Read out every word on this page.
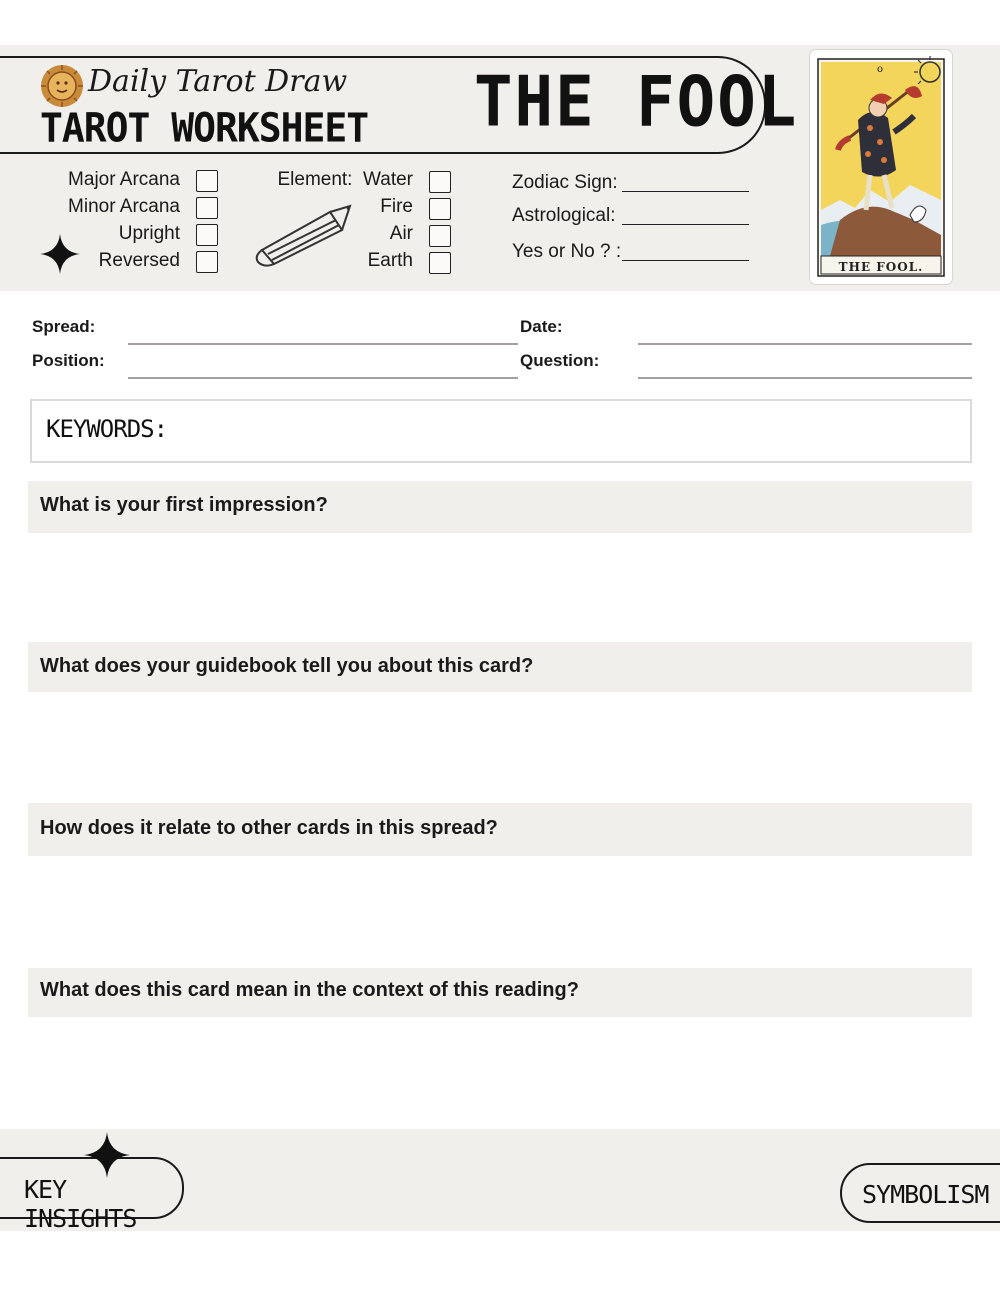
Daily Tarot Draw
TAROT WORKSHEET THE FOOL
Major Arcana
Minor Arcana
Upright
Reversed
Element: Water
Fire
Air
Earth
Zodiac Sign:
Astrological:
Yes or No ? :
o
THE FOOL.
Spread:
Position:
Date:
Question:
KEYWORDS:
What is your first impression?
What does your guidebook tell you about this card?
How does it relate to other cards in this spread?
What does this card mean in the context of this reading?
KEY INSIGHTS
SYMBOLISM
